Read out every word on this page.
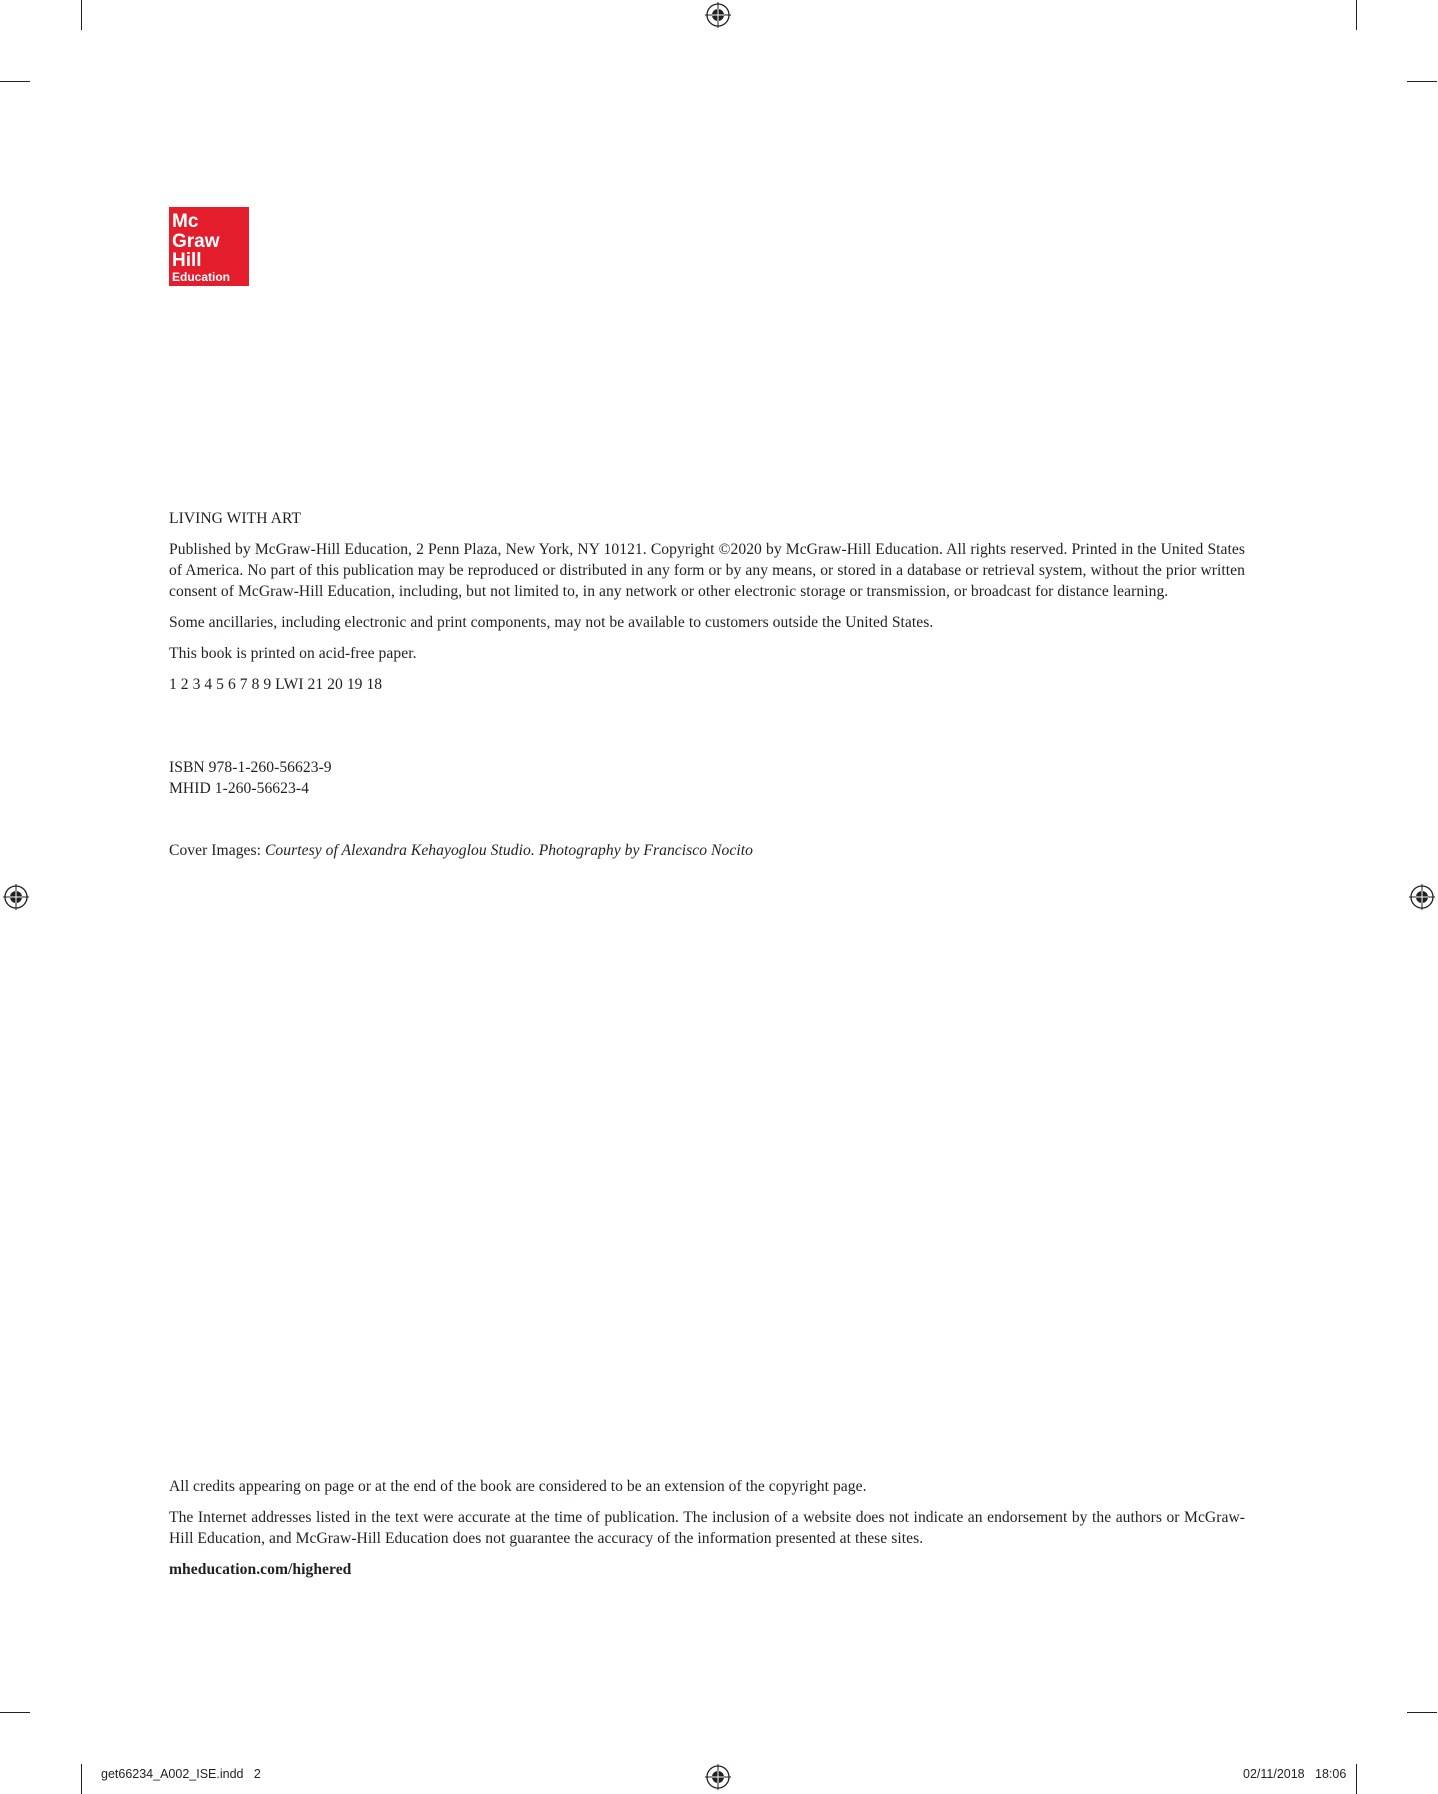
Mc
Graw
Hill
Education

LIVING WITH ART

Published by McGraw-Hill Education, 2 Penn Plaza, New York, NY 10121. Copyright ©2020 by McGraw-Hill Education. All rights reserved. Printed in the United States of America. No part of this publication may be reproduced or distributed in any form or by any means, or stored in a database or retrieval system, without the prior written consent of McGraw-Hill Education, including, but not limited to, in any network or other electronic storage or transmission, or broadcast for distance learning.

Some ancillaries, including electronic and print components, may not be available to customers outside the United States.

This book is printed on acid-free paper.

1 2 3 4 5 6 7 8 9 LWI 21 20 19 18

ISBN 978-1-260-56623-9

MHID 1-260-56623-4

Cover Images: Courtesy of Alexandra Kehayoglou Studio. Photography by Francisco Nocito

All credits appearing on page or at the end of the book are considered to be an extension of the copyright page.

The Internet addresses listed in the text were accurate at the time of publication. The inclusion of a website does not indicate an endorsement by the authors or McGraw-Hill Education, and McGraw-Hill Education does not guarantee the accuracy of the information presented at these sites.

mheducation.com/highered

get66234_A002_ISE.indd   2	02/11/2018   18:06
